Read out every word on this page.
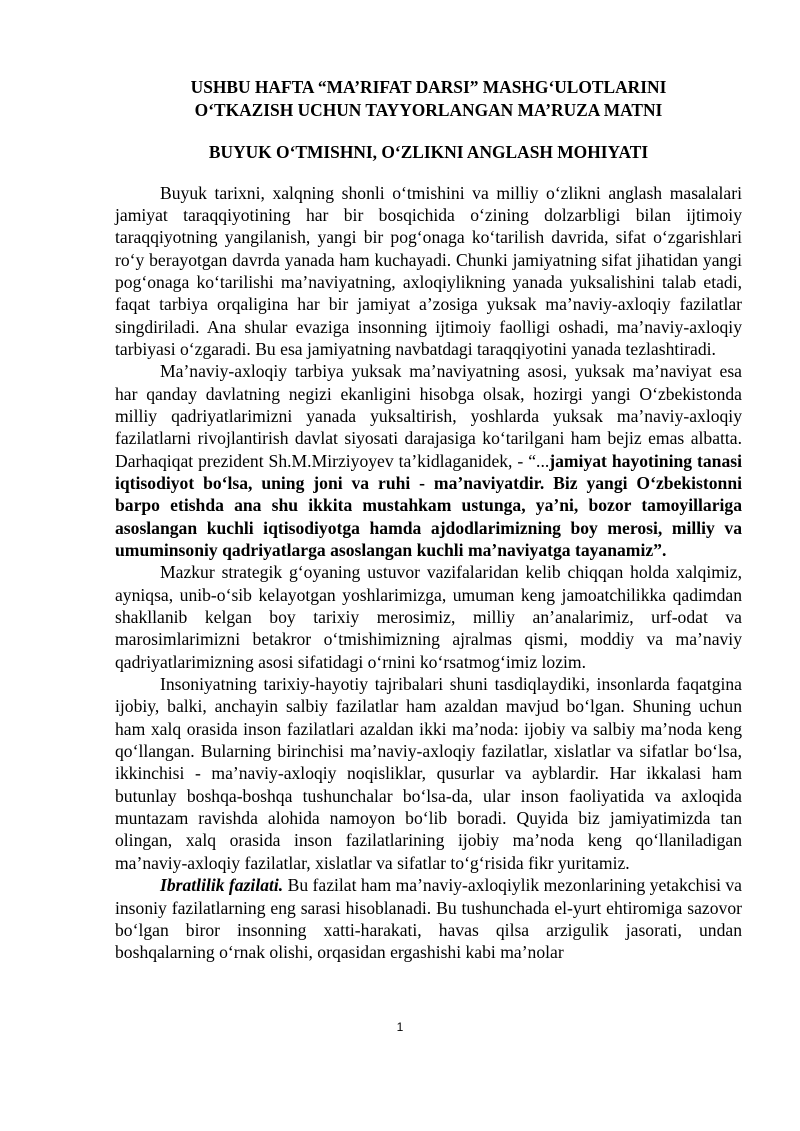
USHBU HAFTA “MA’RIFAT DARSI” MASHG‘ULOTLARINI
O‘TKAZISH UCHUN TAYYORLANGAN MA’RUZA MATNI
BUYUK O‘TMISHNI, O‘ZLIKNI ANGLASH MOHIYATI

Buyuk tarixni, xalqning shonli o‘tmishini va milliy o‘zlikni anglash masalalari jamiyat taraqqiyotining har bir bosqichida o‘zining dolzarbligi bilan ijtimoiy taraqqiyotning yangilanish, yangi bir pog‘onaga ko‘tarilish davrida, sifat o‘zgarishlari ro‘y berayotgan davrda yanada ham kuchayadi. Chunki jamiyatning sifat jihatidan yangi pog‘onaga ko‘tarilishi ma’naviyatning, axloqiylikning yanada yuksalishini talab etadi, faqat tarbiya orqaligina har bir jamiyat a’zosiga yuksak ma’naviy-axloqiy fazilatlar singdiriladi. Ana shular evaziga insonning ijtimoiy faolligi oshadi, ma’naviy-axloqiy tarbiyasi o‘zgaradi. Bu esa jamiyatning navbatdagi taraqqiyotini yanada tezlashtiradi.

Ma’naviy-axloqiy tarbiya yuksak ma’naviyatning asosi, yuksak ma’naviyat esa har qanday davlatning negizi ekanligini hisobga olsak, hozirgi yangi O‘zbekistonda milliy qadriyatlarimizni yanada yuksaltirish, yoshlarda yuksak ma’naviy-axloqiy fazilatlarni rivojlantirish davlat siyosati darajasiga ko‘tarilgani ham bejiz emas albatta. Darhaqiqat prezident Sh.M.Mirziyoyev ta’kidlaganidek, - “...jamiyat hayotining tanasi iqtisodiyot bo‘lsa, uning joni va ruhi - ma’naviyatdir. Biz yangi O‘zbekistonni barpo etishda ana shu ikkita mustahkam ustunga, ya’ni, bozor tamoyillariga asoslangan kuchli iqtisodiyotga hamda ajdodlarimizning boy merosi, milliy va umuminsoniy qadriyatlarga asoslangan kuchli ma’naviyatga tayanamiz”.

Mazkur strategik g‘oyaning ustuvor vazifalaridan kelib chiqqan holda xalqimiz, ayniqsa, unib-o‘sib kelayotgan yoshlarimizga, umuman keng jamoatchilikka qadimdan shakllanib kelgan boy tarixiy merosimiz, milliy an’analarimiz, urf-odat va marosimlarimizni betakror o‘tmishimizning ajralmas qismi, moddiy va ma’naviy qadriyatlarimizning asosi sifatidagi o‘rnini ko‘rsatmog‘imiz lozim.

Insoniyatning tarixiy-hayotiy tajribalari shuni tasdiqlaydiki, insonlarda faqatgina ijobiy, balki, anchayin salbiy fazilatlar ham azaldan mavjud bo‘lgan. Shuning uchun ham xalq orasida inson fazilatlari azaldan ikki ma’noda: ijobiy va salbiy ma’noda keng qo‘llangan. Bularning birinchisi ma’naviy-axloqiy fazilatlar, xislatlar va sifatlar bo‘lsa, ikkinchisi - ma’naviy-axloqiy noqisliklar, qusurlar va ayblardir. Har ikkalasi ham butunlay boshqa-boshqa tushunchalar bo‘lsa-da, ular inson faoliyatida va axloqida muntazam ravishda alohida namoyon bo‘lib boradi. Quyida biz jamiyatimizda tan olingan, xalq orasida inson fazilatlarining ijobiy ma’noda keng qo‘llaniladigan ma’naviy-axloqiy fazilatlar, xislatlar va sifatlar to‘g‘risida fikr yuritamiz.

Ibratlilik fazilati. Bu fazilat ham ma’naviy-axloqiylik mezonlarining yetakchisi va insoniy fazilatlarning eng sarasi hisoblanadi. Bu tushunchada el-yurt ehtiromiga sazovor bo‘lgan biror insonning xatti-harakati, havas qilsa arzigulik jasorati, undan boshqalarning o‘rnak olishi, orqasidan ergashishi kabi ma’nolar

1
